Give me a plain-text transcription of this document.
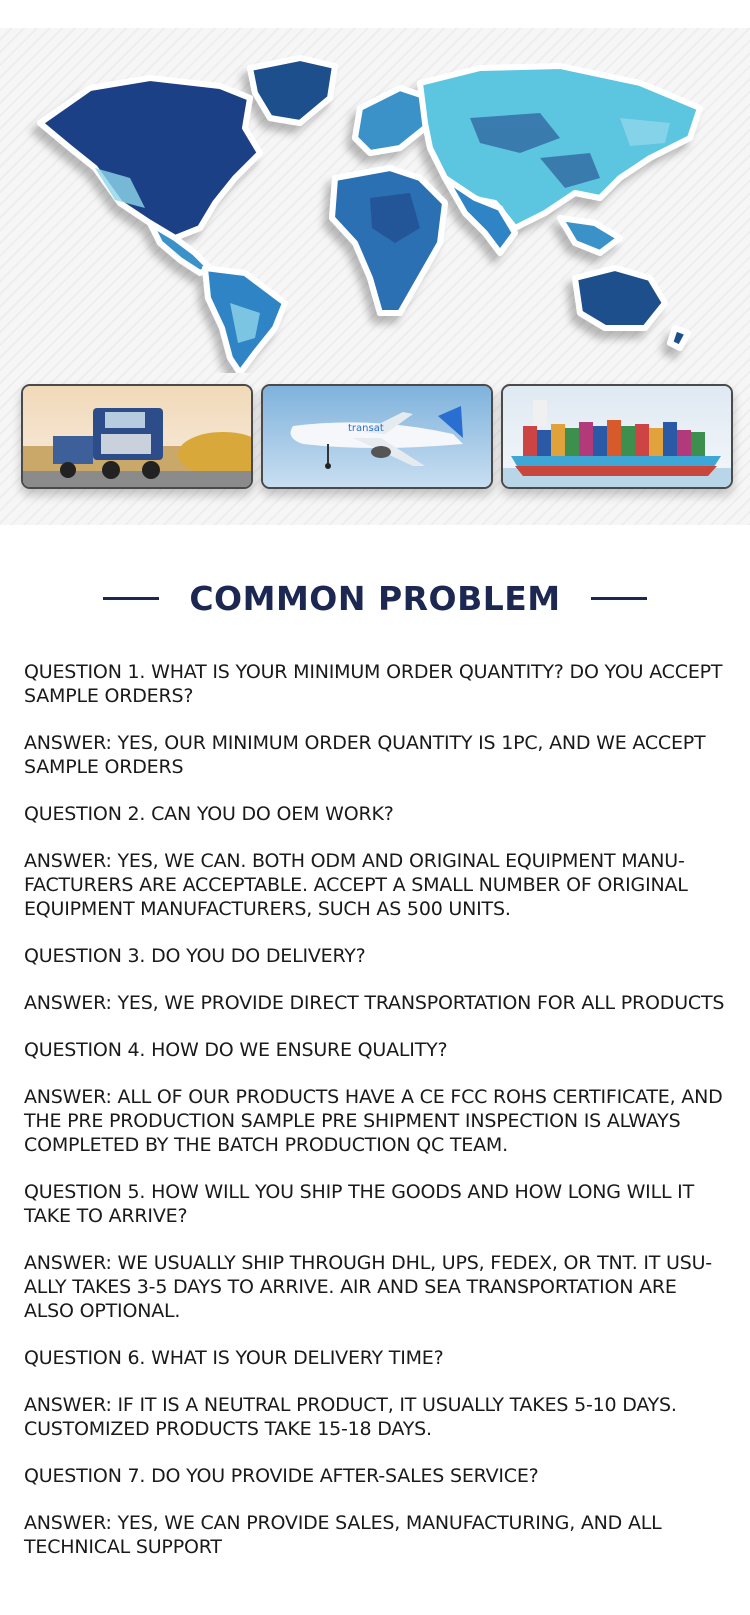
transat
COMMON PROBLEM

QUESTION 1. WHAT IS YOUR MINIMUM ORDER QUANTITY? DO YOU ACCEPT SAMPLE ORDERS?

ANSWER: YES, OUR MINIMUM ORDER QUANTITY IS 1PC, AND WE ACCEPT SAMPLE ORDERS

QUESTION 2. CAN YOU DO OEM WORK?

ANSWER: YES, WE CAN. BOTH ODM AND ORIGINAL EQUIPMENT MANUFACTURERS ARE ACCEPTABLE. ACCEPT A SMALL NUMBER OF ORIGINAL EQUIPMENT MANUFACTURERS, SUCH AS 500 UNITS.

QUESTION 3. DO YOU DO DELIVERY?

ANSWER: YES, WE PROVIDE DIRECT TRANSPORTATION FOR ALL PRODUCTS

QUESTION 4. HOW DO WE ENSURE QUALITY?

ANSWER: ALL OF OUR PRODUCTS HAVE A CE FCC ROHS CERTIFICATE, AND THE PRE PRODUCTION SAMPLE PRE SHIPMENT INSPECTION IS ALWAYS COMPLETED BY THE BATCH PRODUCTION QC TEAM.

QUESTION 5. HOW WILL YOU SHIP THE GOODS AND HOW LONG WILL IT TAKE TO ARRIVE?

ANSWER: WE USUALLY SHIP THROUGH DHL, UPS, FEDEX, OR TNT. IT USUALLY TAKES 3-5 DAYS TO ARRIVE. AIR AND SEA TRANSPORTATION ARE ALSO OPTIONAL.

QUESTION 6. WHAT IS YOUR DELIVERY TIME?

ANSWER: IF IT IS A NEUTRAL PRODUCT, IT USUALLY TAKES 5-10 DAYS. CUSTOMIZED PRODUCTS TAKE 15-18 DAYS.

QUESTION 7. DO YOU PROVIDE AFTER-SALES SERVICE?

ANSWER: YES, WE CAN PROVIDE SALES, MANUFACTURING, AND ALL TECHNICAL SUPPORT
